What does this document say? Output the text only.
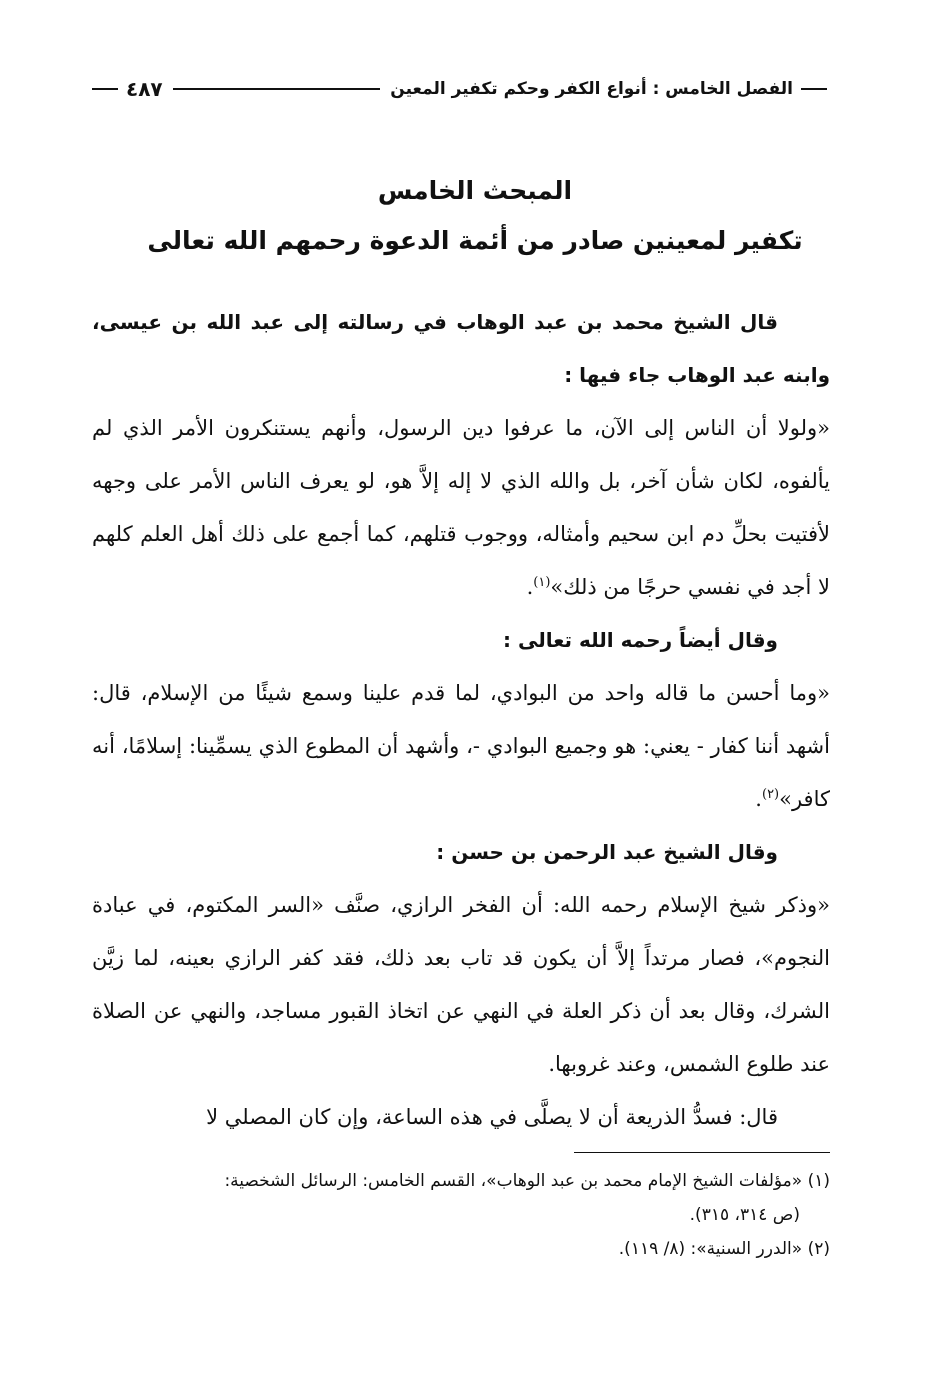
الفصل الخامس : أنواع الكفر وحكم تكفير المعين
٤٨٧
المبحث الخامس
تكفير لمعينين صادر من أئمة الدعوة رحمهم الله تعالى

قال الشيخ محمد بن عبد الوهاب في رسالته إلى عبد الله بن عيسى، وابنه عبد الوهاب جاء فيها :

«ولولا أن الناس إلى الآن، ما عرفوا دين الرسول، وأنهم يستنكرون الأمر الذي لم يألفوه، لكان شأن آخر، بل والله الذي لا إله إلاَّ هو، لو يعرف الناس الأمر على وجهه لأفتيت بحلِّ دم ابن سحيم وأمثاله، ووجوب قتلهم، كما أجمع على ذلك أهل العلم كلهم لا أجد في نفسي حرجًا من ذلك»$^{(١)}$.

وقال أيضاً رحمه الله تعالى :

«وما أحسن ما قاله واحد من البوادي، لما قدم علينا وسمع شيئًا من الإسلام، قال: أشهد أننا كفار - يعني: هو وجميع البوادي -، وأشهد أن المطوع الذي يسمِّينا: إسلامًا، أنه كافر»$^{(٢)}$.

وقال الشيخ عبد الرحمن بن حسن :

«وذكر شيخ الإسلام رحمه الله: أن الفخر الرازي، صنَّف «السر المكتوم، في عبادة النجوم»، فصار مرتداً إلاَّ أن يكون قد تاب بعد ذلك، فقد كفر الرازي بعينه، لما زيَّن الشرك، وقال بعد أن ذكر العلة في النهي عن اتخاذ القبور مساجد، والنهي عن الصلاة عند طلوع الشمس، وعند غروبها.

قال: فسدُّ الذريعة أن لا يصلَّى في هذه الساعة، وإن كان المصلي لا

(١) «مؤلفات الشيخ الإمام محمد بن عبد الوهاب»، القسم الخامس: الرسائل الشخصية:

(ص ٣١٤، ٣١٥).

(٢) «الدرر السنية»: (٨/ ١١٩).
